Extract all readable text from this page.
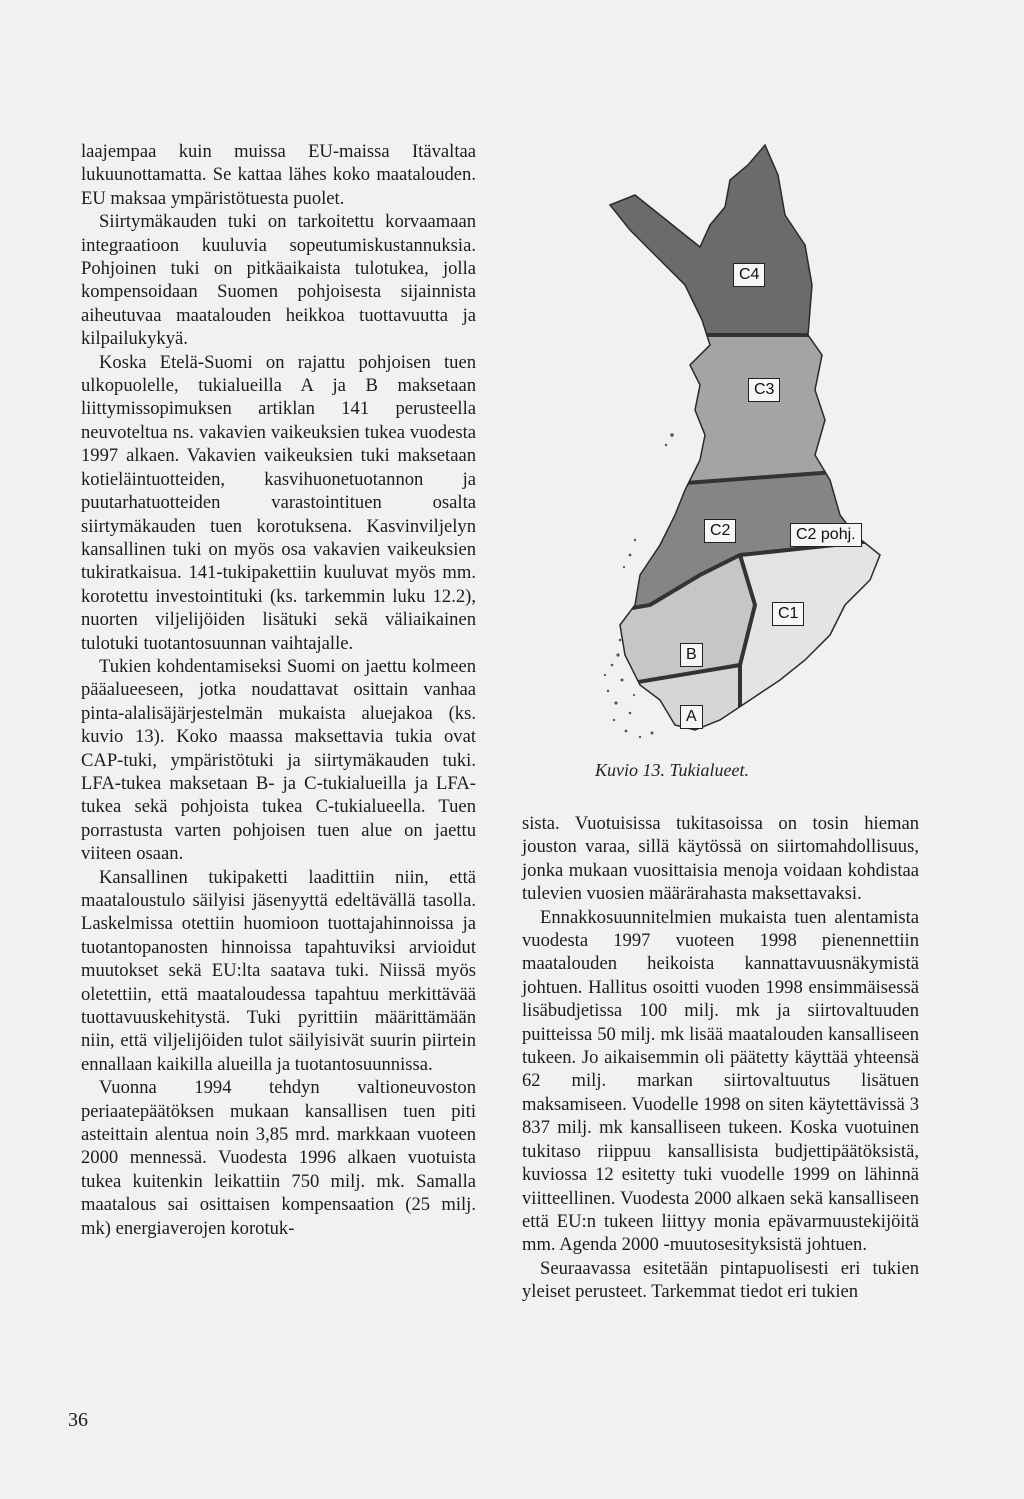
laajempaa kuin muissa EU-maissa Itävaltaa lukuunottamatta. Se kattaa lähes koko maatalouden. EU maksaa ympäristötuesta puolet.

Siirtymäkauden tuki on tarkoitettu korvaamaan integraatioon kuuluvia sopeutumiskustannuksia. Pohjoinen tuki on pitkäaikaista tulotukea, jolla kompensoidaan Suomen pohjoisesta sijainnista aiheutuvaa maatalouden heikkoa tuottavuutta ja kilpailukykyä.

Koska Etelä-Suomi on rajattu pohjoisen tuen ulkopuolelle, tukialueilla A ja B maksetaan liittymissopimuksen artiklan 141 perusteella neuvoteltua ns. vakavien vaikeuksien tukea vuodesta 1997 alkaen. Vakavien vaikeuksien tuki maksetaan kotieläintuotteiden, kasvihuonetuotannon ja puutarhatuotteiden varastointituen osalta siirtymäkauden tuen korotuksena. Kasvinviljelyn kansallinen tuki on myös osa vakavien vaikeuksien tukiratkaisua. 141-tukipakettiin kuuluvat myös mm. korotettu investointituki (ks. tarkemmin luku 12.2), nuorten viljelijöiden lisätuki sekä väliaikainen tulotuki tuotantosuunnan vaihtajalle.

Tukien kohdentamiseksi Suomi on jaettu kolmeen pääalueeseen, jotka noudattavat osittain vanhaa pinta-alalisäjärjestelmän mukaista aluejakoa (ks. kuvio 13). Koko maassa maksettavia tukia ovat CAP-tuki, ympäristötuki ja siirtymäkauden tuki. LFA-tukea maksetaan B- ja C-tukialueilla ja LFA-tukea sekä pohjoista tukea C-tukialueella. Tuen porrastusta varten pohjoisen tuen alue on jaettu viiteen osaan.

Kansallinen tukipaketti laadittiin niin, että maataloustulo säilyisi jäsenyyttä edeltävällä tasolla. Laskelmissa otettiin huomioon tuottajahinnoissa ja tuotantopanosten hinnoissa tapahtuviksi arvioidut muutokset sekä EU:lta saatava tuki. Niissä myös oletettiin, että maataloudessa tapahtuu merkittävää tuottavuuskehitystä. Tuki pyrittiin määrittämään niin, että viljelijöiden tulot säilyisivät suurin piirtein ennallaan kaikilla alueilla ja tuotantosuunnissa.

Vuonna 1994 tehdyn valtioneuvoston periaatepäätöksen mukaan kansallisen tuen piti asteittain alentua noin 3,85 mrd. markkaan vuoteen 2000 mennessä. Vuodesta 1996 alkaen vuotuista tukea kuitenkin leikattiin 750 milj. mk. Samalla maatalous sai osittaisen kompensaation (25 milj. mk) energiaverojen korotuk-

C4
C3
C2	C2 pohj.
C1
B
A
Kuvio 13. Tukialueet.

sista. Vuotuisissa tukitasoissa on tosin hieman jouston varaa, sillä käytössä on siirtomahdollisuus, jonka mukaan vuosittaisia menoja voidaan kohdistaa tulevien vuosien määrärahasta maksettavaksi.

Ennakkosuunnitelmien mukaista tuen alentamista vuodesta 1997 vuoteen 1998 pienennettiin maatalouden heikoista kannattavuusnäkymistä johtuen. Hallitus osoitti vuoden 1998 ensimmäisessä lisäbudjetissa 100 milj. mk ja siirtovaltuuden puitteissa 50 milj. mk lisää maatalouden kansalliseen tukeen. Jo aikaisemmin oli päätetty käyttää yhteensä 62 milj. markan siirtovaltuutus lisätuen maksamiseen. Vuodelle 1998 on siten käytettävissä 3 837 milj. mk kansalliseen tukeen. Koska vuotuinen tukitaso riippuu kansallisista budjettipäätöksistä, kuviossa 12 esitetty tuki vuodelle 1999 on lähinnä viitteellinen. Vuodesta 2000 alkaen sekä kansalliseen että EU:n tukeen liittyy monia epävarmuustekijöitä mm. Agenda 2000 -muutosesityksistä johtuen.

Seuraavassa esitetään pintapuolisesti eri tukien yleiset perusteet. Tarkemmat tiedot eri tukien

36
